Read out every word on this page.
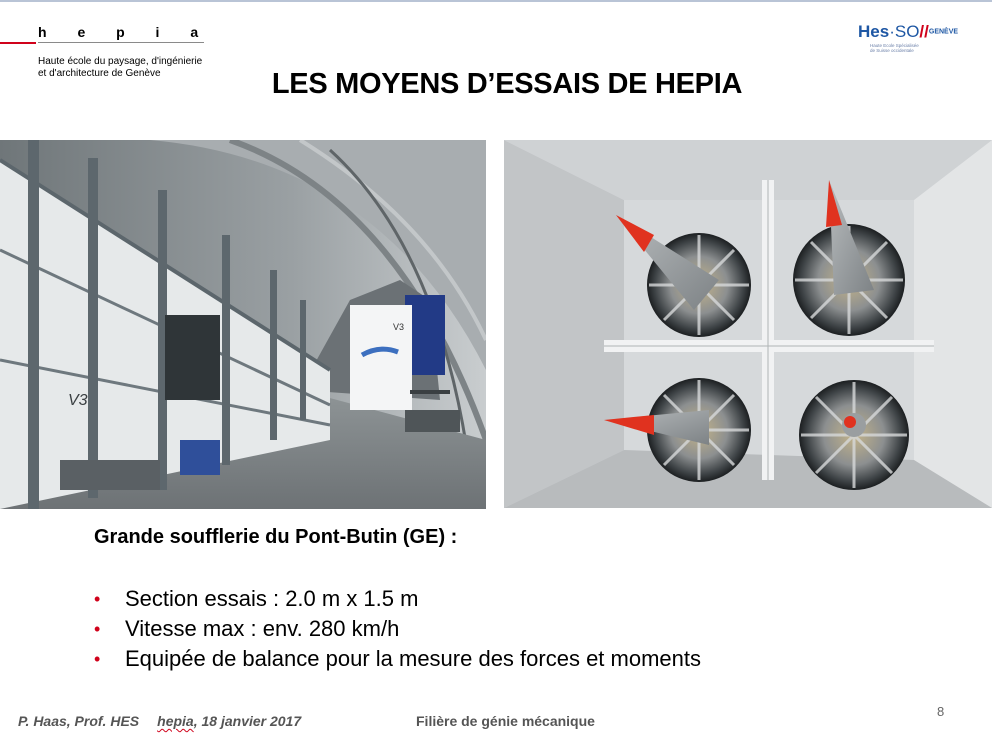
h e p i a
Haute école du paysage, d'ingénierie
et d'architecture de Genève
Hes·SO//GENÈVE
Haute Ecole Spécialisée
de Suisse occidentale
LES MOYENS D’ESSAIS DE HEPIA
V3
V3
Grande soufflerie du Pont-Butin (GE) :
• Section essais : 2.0 m x 1.5 m
• Vitesse max : env. 280 km/h
• Equipée de balance pour la mesure des forces et moments
P. Haas, Prof. HES hepia, 18 janvier 2017	Filière de génie mécanique
8
